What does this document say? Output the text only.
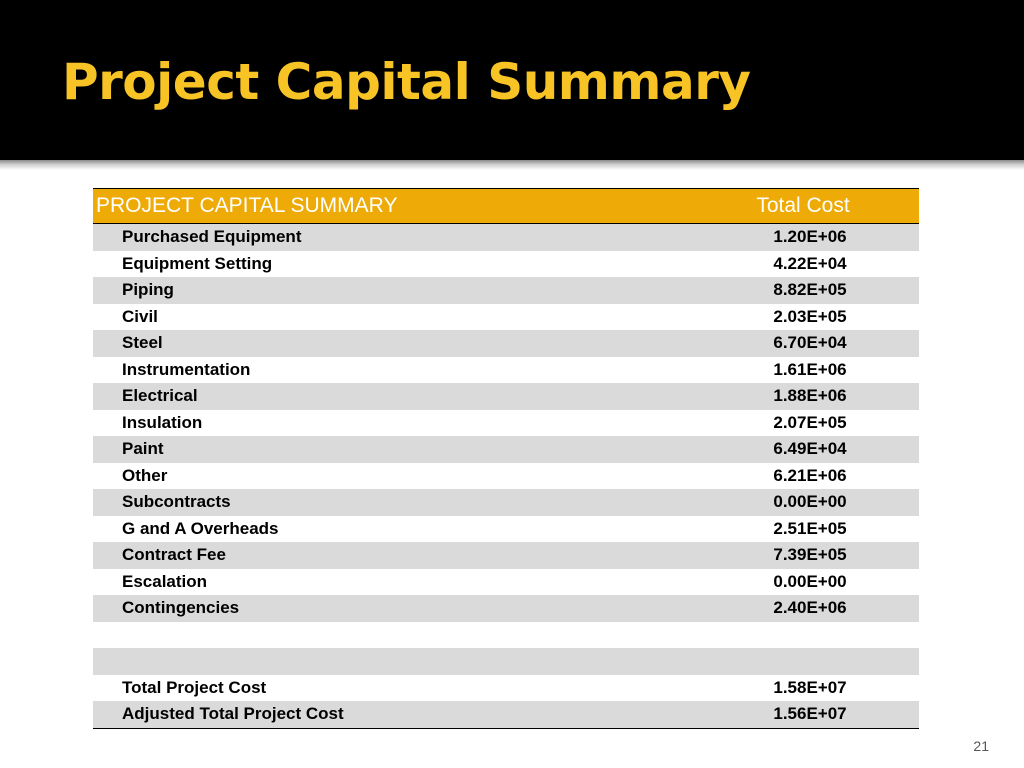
Project Capital Summary
PROJECT CAPITAL SUMMARY	Total Cost
Purchased Equipment	1.20E+06
Equipment Setting	4.22E+04
Piping	8.82E+05
Civil	2.03E+05
Steel	6.70E+04
Instrumentation	1.61E+06
Electrical	1.88E+06
Insulation	2.07E+05
Paint	6.49E+04
Other	6.21E+06
Subcontracts	0.00E+00
G and A Overheads	2.51E+05
Contract Fee	7.39E+05
Escalation	0.00E+00
Contingencies	2.40E+06

Total Project Cost	1.58E+07
Adjusted Total Project Cost	1.56E+07
21
